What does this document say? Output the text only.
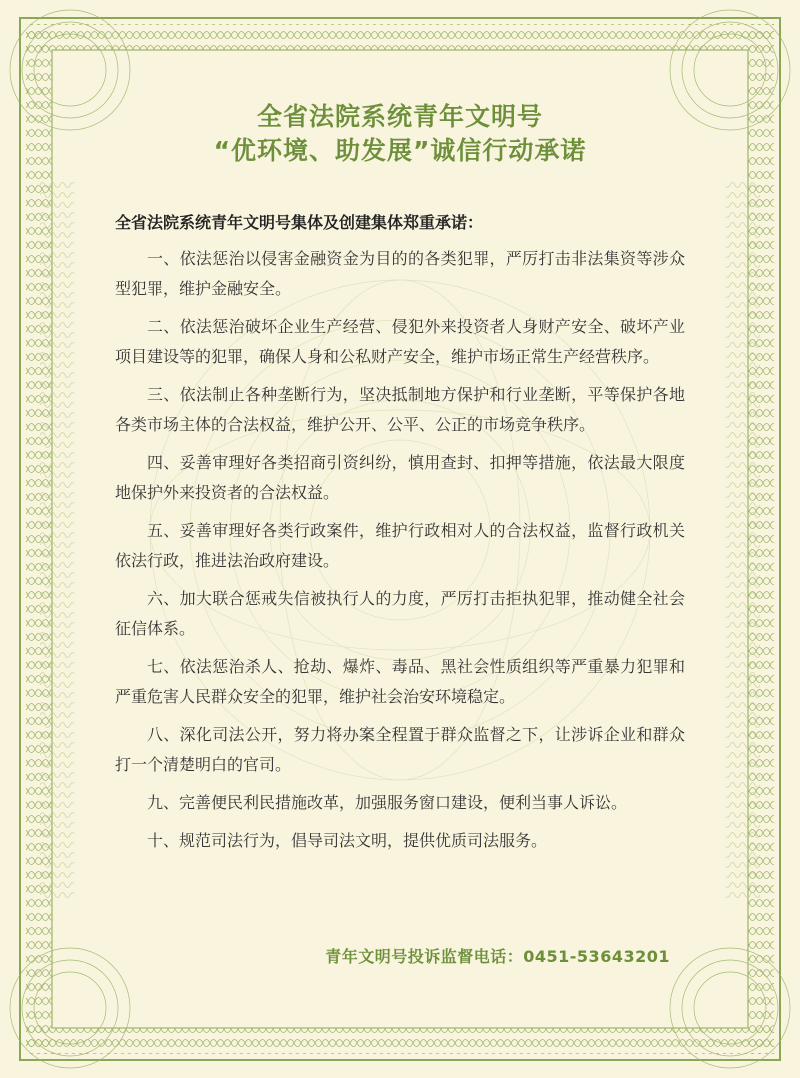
全省法院系统青年文明号
“优环境、助发展”诚信行动承诺
全省法院系统青年文明号集体及创建集体郑重承诺：

一、依法惩治以侵害金融资金为目的的各类犯罪，严厉打击非法集资等涉众型犯罪，维护金融安全。

二、依法惩治破坏企业生产经营、侵犯外来投资者人身财产安全、破坏产业项目建设等的犯罪，确保人身和公私财产安全，维护市场正常生产经营秩序。

三、依法制止各种垄断行为，坚决抵制地方保护和行业垄断，平等保护各地各类市场主体的合法权益，维护公开、公平、公正的市场竞争秩序。

四、妥善审理好各类招商引资纠纷，慎用查封、扣押等措施，依法最大限度地保护外来投资者的合法权益。

五、妥善审理好各类行政案件，维护行政相对人的合法权益，监督行政机关依法行政，推进法治政府建设。

六、加大联合惩戒失信被执行人的力度，严厉打击拒执犯罪，推动健全社会征信体系。

七、依法惩治杀人、抢劫、爆炸、毒品、黑社会性质组织等严重暴力犯罪和严重危害人民群众安全的犯罪，维护社会治安环境稳定。

八、深化司法公开，努力将办案全程置于群众监督之下，让涉诉企业和群众打一个清楚明白的官司。

九、完善便民利民措施改革，加强服务窗口建设，便利当事人诉讼。

十、规范司法行为，倡导司法文明，提供优质司法服务。

青年文明号投诉监督电话：0451-53643201
